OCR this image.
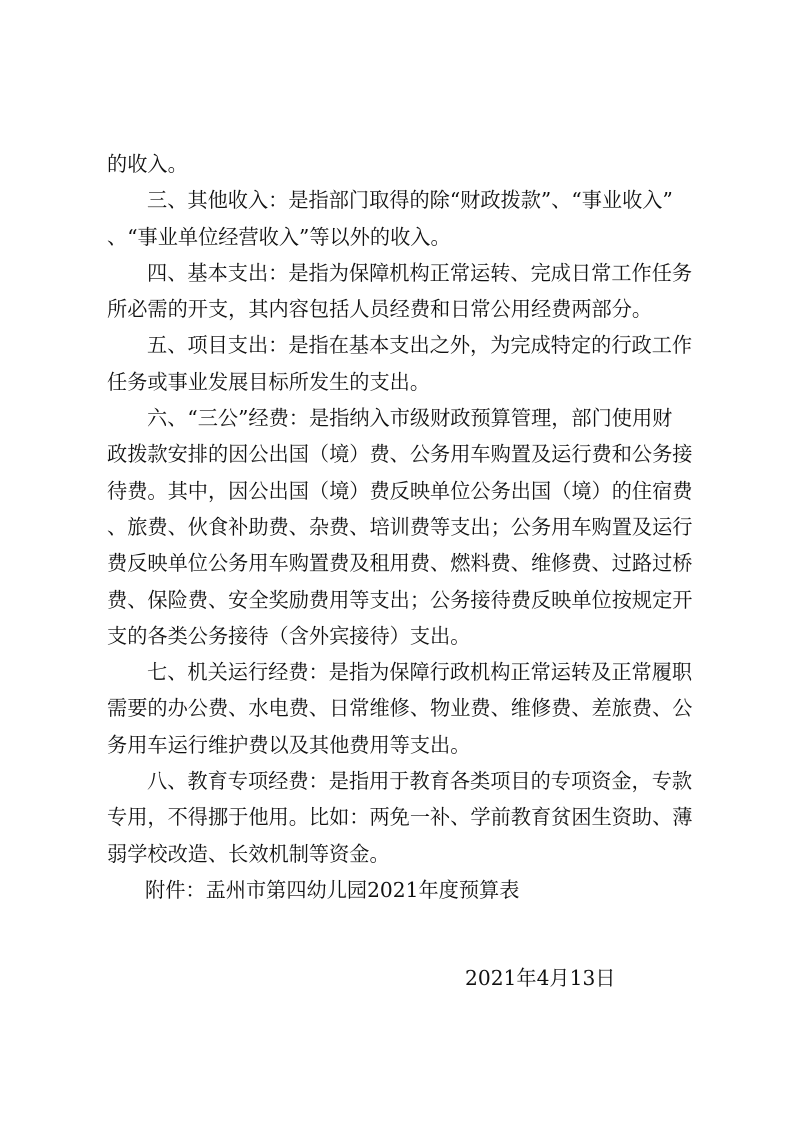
的收入。
三、其他收入：是指部门取得的除“财政拨款”、“事业收入”
、“事业单位经营收入”等以外的收入。
四、基本支出：是指为保障机构正常运转、完成日常工作任务
所必需的开支，其内容包括人员经费和日常公用经费两部分。
五、项目支出：是指在基本支出之外，为完成特定的行政工作
任务或事业发展目标所发生的支出。
六、“三公”经费：是指纳入市级财政预算管理，部门使用财
政拨款安排的因公出国（境）费、公务用车购置及运行费和公务接
待费。其中，因公出国（境）费反映单位公务出国（境）的住宿费
、旅费、伙食补助费、杂费、培训费等支出；公务用车购置及运行
费反映单位公务用车购置费及租用费、燃料费、维修费、过路过桥
费、保险费、安全奖励费用等支出；公务接待费反映单位按规定开
支的各类公务接待（含外宾接待）支出。
七、机关运行经费：是指为保障行政机构正常运转及正常履职
需要的办公费、水电费、日常维修、物业费、维修费、差旅费、公
务用车运行维护费以及其他费用等支出。
八、教育专项经费：是指用于教育各类项目的专项资金，专款
专用，不得挪于他用。比如：两免一补、学前教育贫困生资助、薄
弱学校改造、长效机制等资金。
附件：盂州市第四幼儿园2021年度预算表
2021年4月13日
